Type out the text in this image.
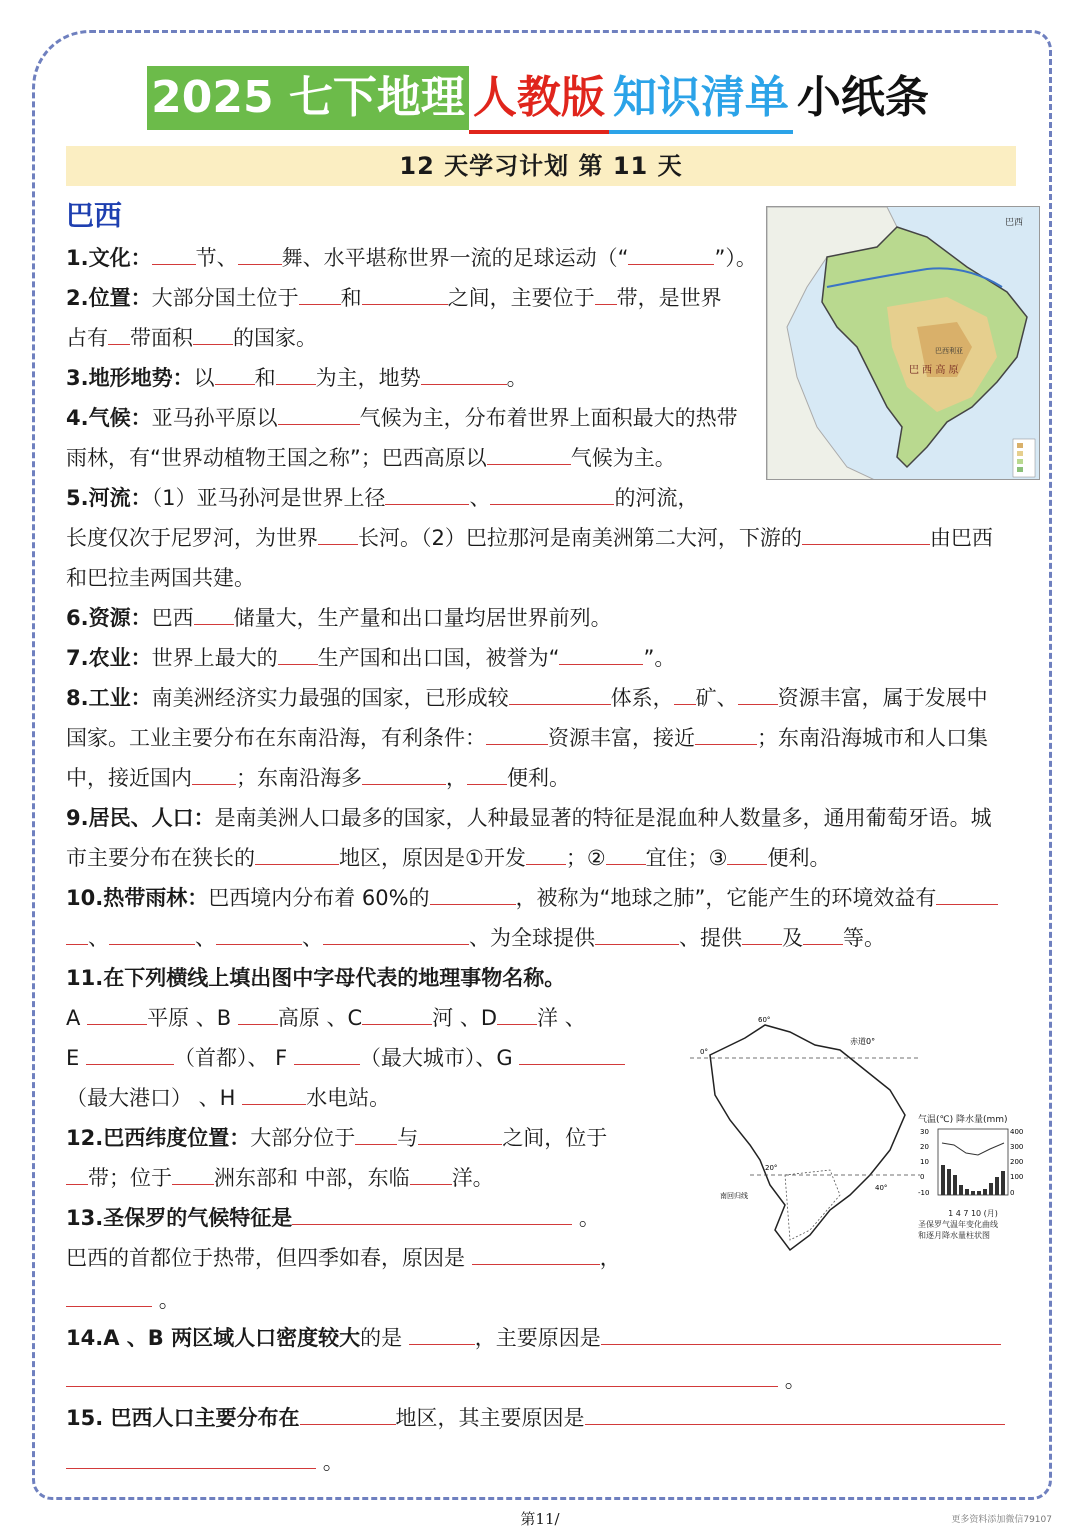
2025 七下地理 人教版 知识清单 小纸条
12 天学习计划 第 11 天
巴西	巴西
巴 西 高 原
巴西利亚
1.文化： 节、 舞、水平堪称世界一流的足球运动（“	”）。
2.位置：大部分国土位于 和	之间，主要位于 带，是世界
占有 带面积 的国家。
3.地形地势：以 和 为主，地势	。
4.气候：亚马孙平原以	气候为主，分布着世界上面积最大的热带
雨林，有“世界动植物王国之称”；巴西高原以	气候为主。
5.河流：（1）亚马孙河是世界上径	、	的河流，
长度仅次于尼罗河，为世界 长河。（2）巴拉那河是南美洲第二大河，下游的	由巴西
和巴拉圭两国共建。
6.资源：巴西 储量大，生产量和出口量均居世界前列。
7.农业：世界上最大的 生产国和出口国，被誉为“	”。
8.工业：南美洲经济实力最强的国家，已形成较	体系， 矿、 资源丰富，属于发展中
国家。工业主要分布在东南沿海，有利条件：	资源丰富，接近	；东南沿海城市和人口集
中，接近国内 ；东南沿海多	， 便利。
9.居民、人口：是南美洲人口最多的国家，人种最显著的特征是混血种人数量多，通用葡萄牙语。城
市主要分布在狭长的	地区，原因是①开发 ；② 宜住；③ 便利。
10.热带雨林：巴西境内分布着 60%的	，被称为“地球之肺”，它能产生的环境效益有
、	、	、	、为全球提供	、提供 及 等。
11.在下列横线上填出图中字母代表的地理事物名称。
A	平原 、B 高原 、C	河 、D 洋 、
E	（首都）、 F	（最大城市）、G
（最大港口） 、H	水电站。
赤道0°
南回归线
60°
40°
20°
0°
气温(℃) 降水量(mm)
30
20
10
0
-10
400
300
200
100
0
1 4 7 10 (月)
圣保罗气温年变化曲线
和逐月降水量柱状图
12.巴西纬度位置：大部分位于 与	之间，位于
带；位于 洲东部和 中部，东临 洋。
13.圣保罗的气候特征是	。
巴西的首都位于热带，但四季如春，原因是	，
。
14.A 、B 两区域人口密度较大的是	，主要原因是
。
15. 巴西人口主要分布在	地区，其主要原因是
。
第11/	更多资料添加微信79107
